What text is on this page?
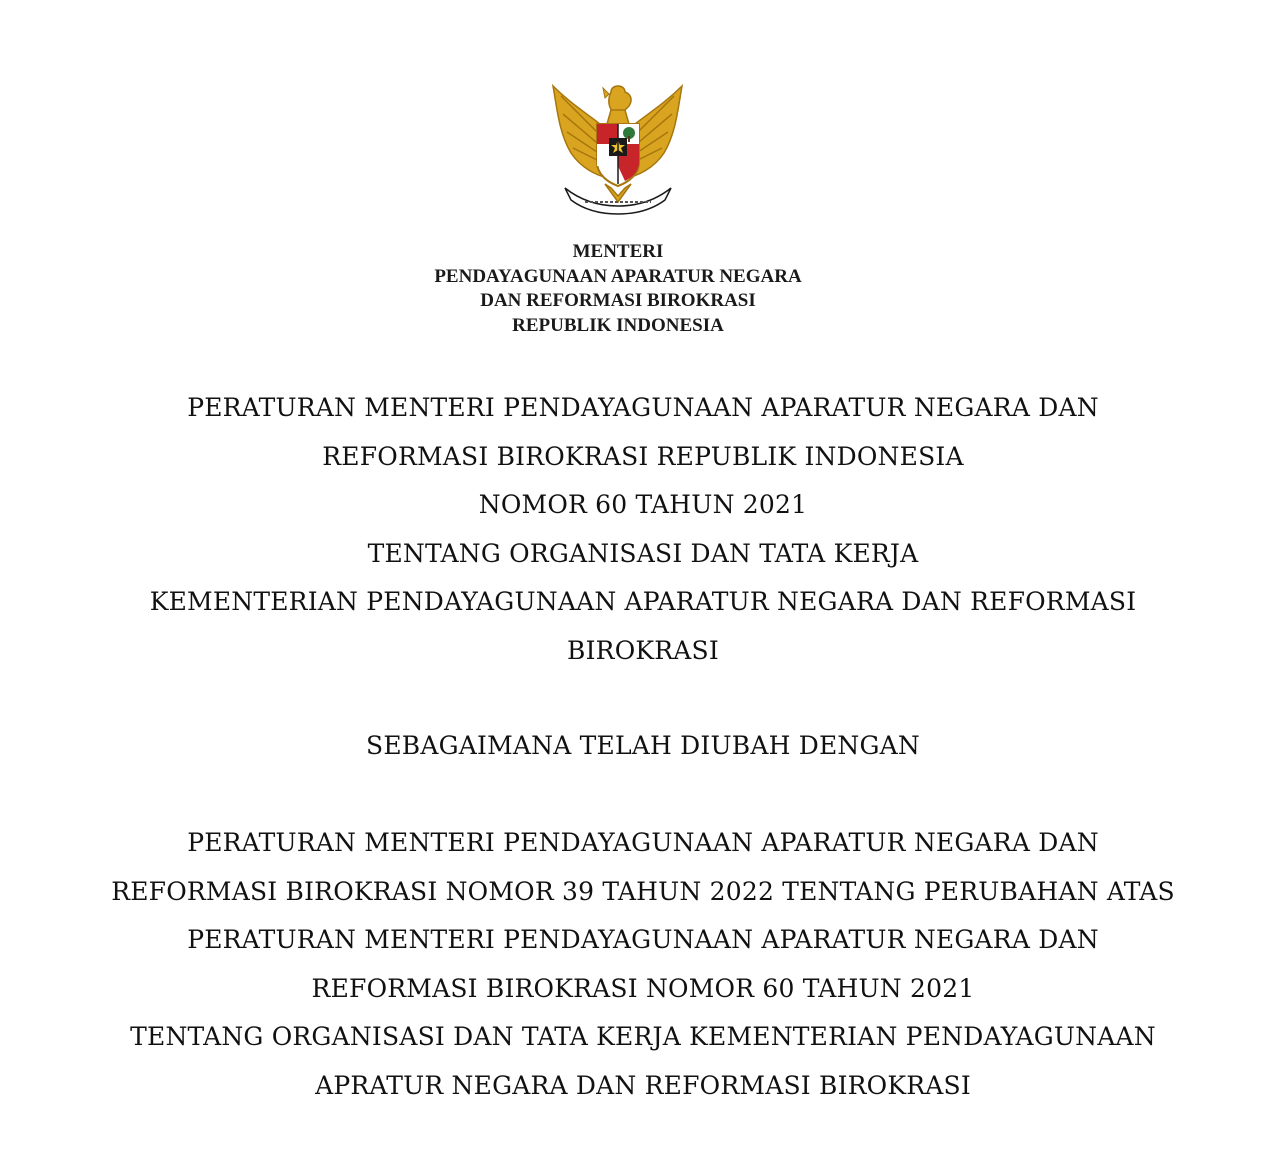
MENTERI
PENDAYAGUNAAN APARATUR NEGARA
DAN REFORMASI BIROKRASI
REPUBLIK INDONESIA
PERATURAN MENTERI PENDAYAGUNAAN APARATUR NEGARA DAN
REFORMASI BIROKRASI REPUBLIK INDONESIA
NOMOR 60 TAHUN 2021
TENTANG ORGANISASI DAN TATA KERJA
KEMENTERIAN PENDAYAGUNAAN APARATUR NEGARA DAN REFORMASI
BIROKRASI
SEBAGAIMANA TELAH DIUBAH DENGAN
PERATURAN MENTERI PENDAYAGUNAAN APARATUR NEGARA DAN
REFORMASI BIROKRASI NOMOR 39 TAHUN 2022 TENTANG PERUBAHAN ATAS
PERATURAN MENTERI PENDAYAGUNAAN APARATUR NEGARA DAN
REFORMASI BIROKRASI NOMOR 60 TAHUN 2021
TENTANG ORGANISASI DAN TATA KERJA KEMENTERIAN PENDAYAGUNAAN
APRATUR NEGARA DAN REFORMASI BIROKRASI
